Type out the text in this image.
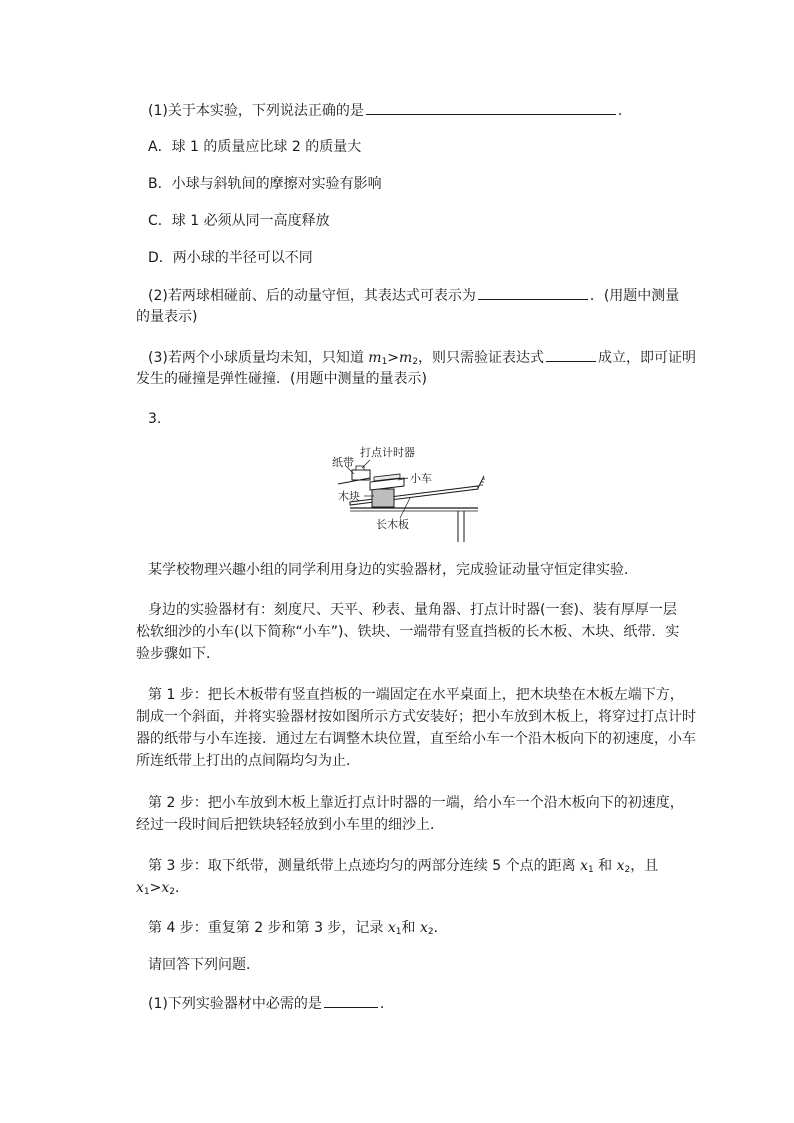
(1)关于本实验，下列说法正确的是	.
A．球 1 的质量应比球 2 的质量大
B．小球与斜轨间的摩擦对实验有影响
C．球 1 必须从同一高度释放
D．两小球的半径可以不同
(2)若两球相碰前、后的动量守恒，其表达式可表示为	．(用题中测量
的量表示)
(3)若两个小球质量均未知，只知道 $m_1>m_2$，则只需验证表达式	成立，即可证明
发生的碰撞是弹性碰撞．(用题中测量的量表示)
3.
打点计时器
纸带
小车
木块
长木板
某学校物理兴趣小组的同学利用身边的实验器材，完成验证动量守恒定律实验．
身边的实验器材有：刻度尺、天平、秒表、量角器、打点计时器(一套)、装有厚厚一层
松软细沙的小车(以下简称“小车”)、铁块、一端带有竖直挡板的长木板、木块、纸带．实
验步骤如下．
第 1 步：把长木板带有竖直挡板的一端固定在水平桌面上，把木块垫在木板左端下方，
制成一个斜面，并将实验器材按如图所示方式安装好；把小车放到木板上，将穿过打点计时
器的纸带与小车连接．通过左右调整木块位置，直至给小车一个沿木板向下的初速度，小车
所连纸带上打出的点间隔均匀为止．
第 2 步：把小车放到木板上靠近打点计时器的一端，给小车一个沿木板向下的初速度，
经过一段时间后把铁块轻轻放到小车里的细沙上．
第 3 步：取下纸带，测量纸带上点迹均匀的两部分连续 5 个点的距离 $x_1$ 和 $x_2$，且
$x_1>x_2$．
第 4 步：重复第 2 步和第 3 步，记录 $x_1$和 $x_2$．
请回答下列问题．
(1)下列实验器材中必需的是	．
